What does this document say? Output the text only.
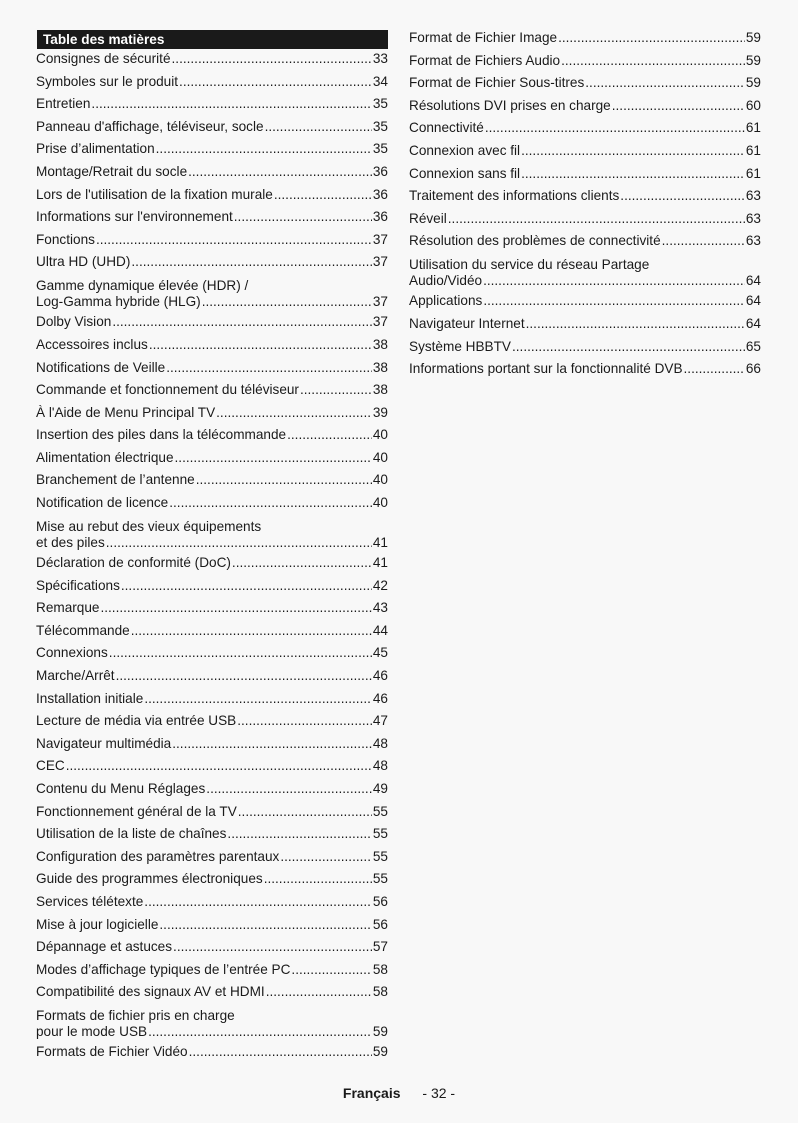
Table des matières
Consignes de sécurité .....	33
Symboles sur le produit .....	34
Entretien .....	35
Panneau d'affichage, téléviseur, socle .....	35
Prise d’alimentation .....	35
Montage/Retrait du socle .....	36
Lors de l'utilisation de la fixation murale .....	36
Informations sur l'environnement .....	36
Fonctions .....	37
Ultra HD (UHD) .....	37
Gamme dynamique élevée (HDR) /
Log-Gamma hybride (HLG) .....	37
Dolby Vision .....	37
Accessoires inclus .....	38
Notifications de Veille .....	38
Commande et fonctionnement du téléviseur .....	38
À l'Aide de Menu Principal TV .....	39
Insertion des piles dans la télécommande .....	40
Alimentation électrique .....	40
Branchement de l’antenne .....	40
Notification de licence .....	40
Mise au rebut des vieux équipements
et des piles .....	41
Déclaration de conformité (DoC) .....	41
Spécifications .....	42
Remarque .....	43
Télécommande .....	44
Connexions .....	45
Marche/Arrêt .....	46
Installation initiale .....	46
Lecture de média via entrée USB .....	47
Navigateur multimédia .....	48
CEC .....	48
Contenu du Menu Réglages .....	49
Fonctionnement général de la TV .....	55
Utilisation de la liste de chaînes .....	55
Configuration des paramètres parentaux .....	55
Guide des programmes électroniques .....	55
Services télétexte .....	56
Mise à jour logicielle .....	56
Dépannage et astuces .....	57
Modes d’affichage typiques de l’entrée PC .....	58
Compatibilité des signaux AV et HDMI .....	58
Formats de fichier pris en charge
pour le mode USB .....	59
Formats de Fichier Vidéo .....	59
Format de Fichier Image .....	59
Format de Fichiers Audio .....	59
Format de Fichier Sous-titres .....	59
Résolutions DVI prises en charge .....	60
Connectivité .....	61
Connexion avec fil .....	61
Connexion sans fil .....	61
Traitement des informations clients .....	63
Réveil .....	63
Résolution des problèmes de connectivité .....	63
Utilisation du service du réseau Partage
Audio/Vidéo .....	64
Applications .....	64
Navigateur Internet .....	64
Système HBBTV .....	65
Informations portant sur la fonctionnalité DVB .....	66
Français - 32 -
